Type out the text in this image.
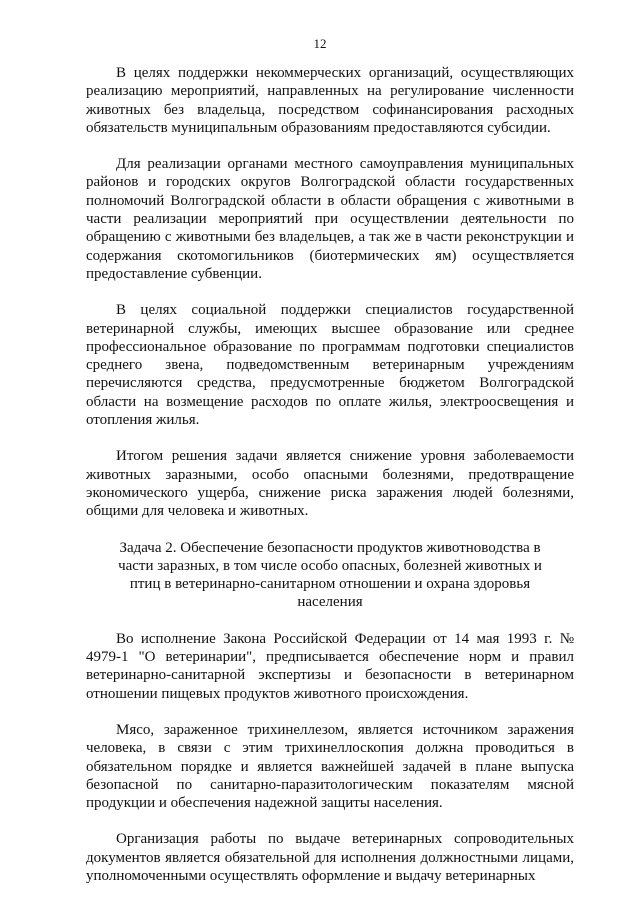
12

В целях поддержки некоммерческих организаций, осуществляющих реализацию мероприятий, направленных на регулирование численности животных без владельца, посредством софинансирования расходных обязательств муниципальным образованиям предоставляются субсидии.

Для реализации органами местного самоуправления муниципальных районов и городских округов Волгоградской области государственных полномочий Волгоградской области в области обращения с животными в части реализации мероприятий при осуществлении деятельности по обращению с животными без владельцев, а так же в части реконструкции и содержания скотомогильников (биотермических ям) осуществляется предоставление субвенции.

В целях социальной поддержки специалистов государственной ветеринарной службы, имеющих высшее образование или среднее профессиональное образование по программам подготовки специалистов среднего звена, подведомственным ветеринарным учреждениям перечисляются средства, предусмотренные бюджетом Волгоградской области на возмещение расходов по оплате жилья, электроосвещения и отопления жилья.

Итогом решения задачи является снижение уровня заболеваемости животных заразными, особо опасными болезнями, предотвращение экономического ущерба, снижение риска заражения людей болезнями, общими для человека и животных.

Задача 2. Обеспечение безопасности продуктов животноводства в части заразных, в том числе особо опасных, болезней животных и птиц в ветеринарно-санитарном отношении и охрана здоровья населения

Во исполнение Закона Российской Федерации от 14 мая 1993 г. № 4979-1 "О ветеринарии", предписывается обеспечение норм и правил ветеринарно-санитарной экспертизы и безопасности в ветеринарном отношении пищевых продуктов животного происхождения.

Мясо, зараженное трихинеллезом, является источником заражения человека, в связи с этим трихинеллоскопия должна проводиться в обязательном порядке и является важнейшей задачей в плане выпуска безопасной по санитарно-паразитологическим показателям мясной продукции и обеспечения надежной защиты населения.

Организация работы по выдаче ветеринарных сопроводительных документов является обязательной для исполнения должностными лицами, уполномоченными осуществлять оформление и выдачу ветеринарных
